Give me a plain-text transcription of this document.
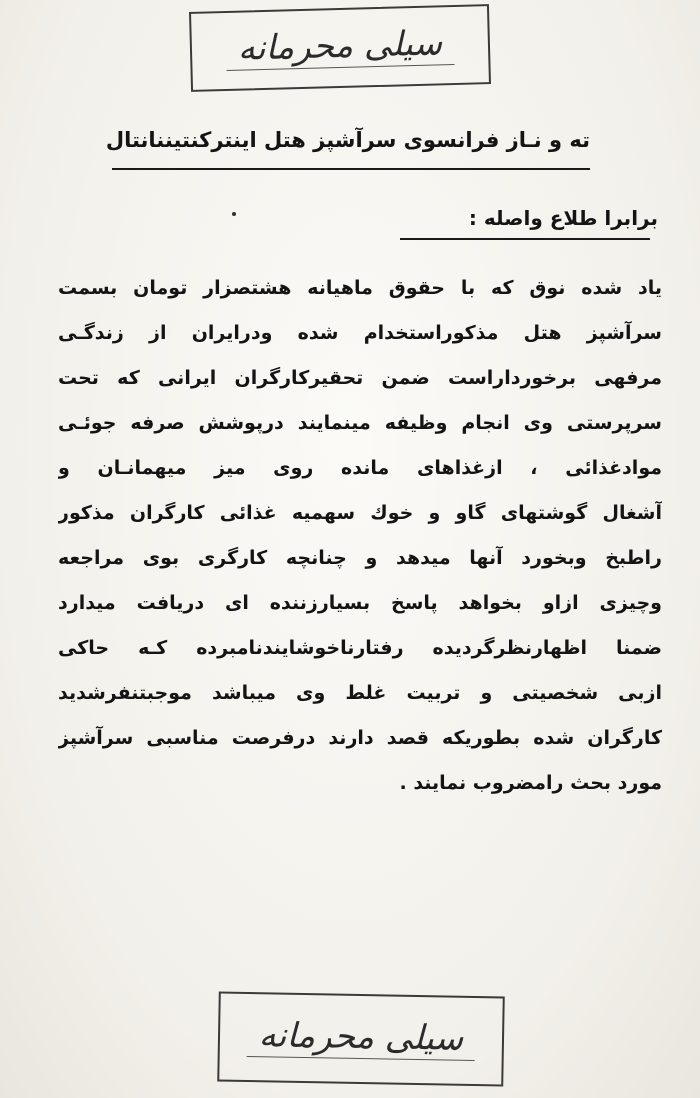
سیلی محرمانه
ته و نـاز فرانسوی سرآشپز هتل اینترکنتیننانتال
برابرا طلاع واصله :
یاد شده نوق که با حقوق ماهیانه هشتصزار تومان بسمت
سرآشپز هتل مذکوراستخدام شده ودرایران از زندگـی
مرفهی برخورداراست ضمن تحقیرکارگران ایرانی که تحت
سرپرستی وی انجام وظیفه مینمایند درپوشش صرفه جوئـی
موادغذائی ، ازغذاهای مانده روی میز میهمانـان و
آشغال گوشتهای گاو و خوك سهمیه غذائی کارگران مذکور
راطبخ وبخورد آنها میدهد و چنانچه کارگری بوی مراجعه
وچیزی ازاو بخواهد پاسخ بسیارزننده ای دریافت میدارد
ضمنا اظهارنظرگردیده رفتارناخوشایندنامبرده کـه حاکی
ازبی شخصیتی و تربیت غلط وی میباشد موجبتنفرشدید
کارگران شده بطوریکه قصد دارند درفرصت مناسبی سرآشپز
مورد بحث رامضروب نمایند .
سیلی محرمانه
